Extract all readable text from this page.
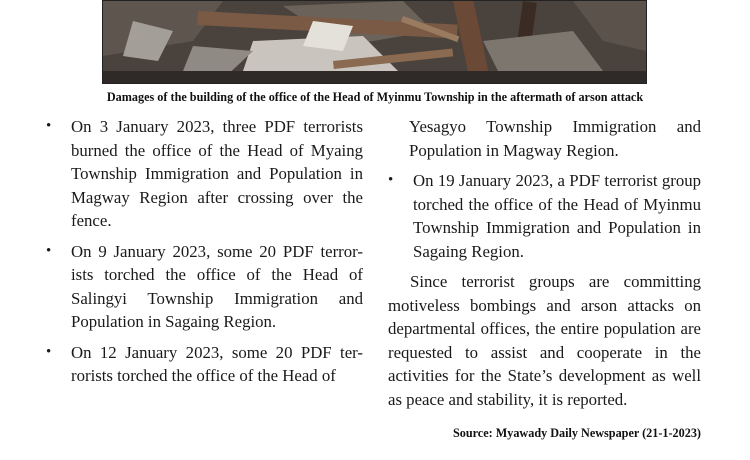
Damages of the building of the office of the Head of Myinmu Township in the aftermath of arson attack
• On 3 January 2023, three PDF terrorists burned the office of the Head of Myaing Township Immigration and Population in Magway Region after crossing over the fence.

• On 9 January 2023, some 20 PDF terror-ists torched the office of the Head of Salingyi Township Immigration and Population in Sagaing Region.

• On 12 January 2023, some 20 PDF ter-rorists torched the office of the Head of

Yesagyo Township Immigration and Population in Magway Region.

• On 19 January 2023, a PDF terrorist group torched the office of the Head of Myinmu Township Immigration and Population in Sagaing Region.

Since terrorist groups are committing motiveless bombings and arson attacks on departmental offices, the entire population are requested to assist and cooperate in the activities for the State’s development as well as peace and stability, it is reported.

Source: Myawady Daily Newspaper (21-1-2023)
